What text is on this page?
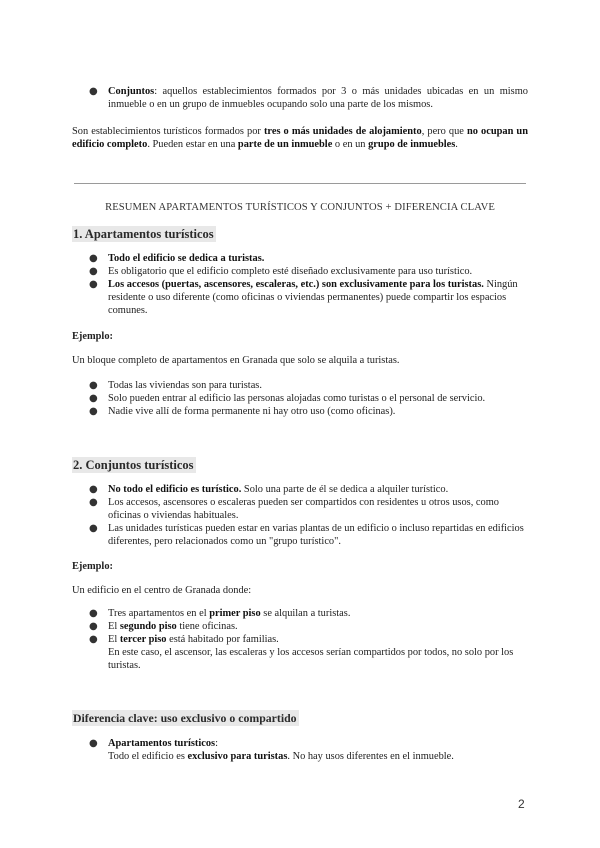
● Conjuntos: aquellos establecimientos formados por 3 o más unidades ubicadas en un mismo inmueble o en un grupo de inmuebles ocupando solo una parte de los mismos.

Son establecimientos turísticos formados por tres o más unidades de alojamiento, pero que no ocupan un edificio completo. Pueden estar en una parte de un inmueble o en un grupo de inmuebles.

RESUMEN APARTAMENTOS TURÍSTICOS Y CONJUNTOS + DIFERENCIA CLAVE
1. Apartamentos turísticos
● Todo el edificio se dedica a turistas.
● Es obligatorio que el edificio completo esté diseñado exclusivamente para uso turístico.
● Los accesos (puertas, ascensores, escaleras, etc.) son exclusivamente para los turistas. Ningún residente o uso diferente (como oficinas o viviendas permanentes) puede compartir los espacios comunes.
Ejemplo:

Un bloque completo de apartamentos en Granada que solo se alquila a turistas.

● Todas las viviendas son para turistas.
● Solo pueden entrar al edificio las personas alojadas como turistas o el personal de servicio.
● Nadie vive allí de forma permanente ni hay otro uso (como oficinas).
2. Conjuntos turísticos
● No todo el edificio es turístico. Solo una parte de él se dedica a alquiler turístico.
● Los accesos, ascensores o escaleras pueden ser compartidos con residentes u otros usos, como oficinas o viviendas habituales.
● Las unidades turísticas pueden estar en varias plantas de un edificio o incluso repartidas en edificios diferentes, pero relacionados como un "grupo turístico".
Ejemplo:

Un edificio en el centro de Granada donde:

● Tres apartamentos en el primer piso se alquilan a turistas.
● El segundo piso tiene oficinas.
● El tercer piso está habitado por familias.
En este caso, el ascensor, las escaleras y los accesos serían compartidos por todos, no solo por los turistas.
Diferencia clave: uso exclusivo o compartido
● Apartamentos turísticos:
Todo el edificio es exclusivo para turistas. No hay usos diferentes en el inmueble.
2
